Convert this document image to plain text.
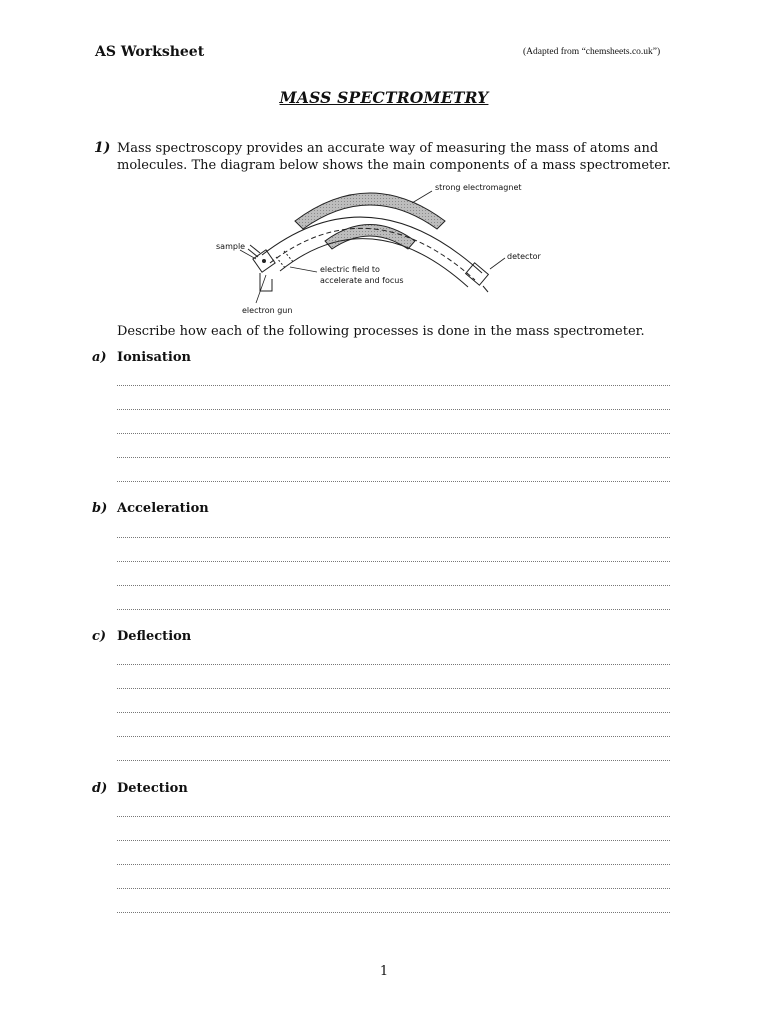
AS Worksheet	(Adapted from “chemsheets.co.uk”)
MASS SPECTROMETRY
1) Mass spectroscopy provides an accurate way of measuring the mass of atoms and molecules. The diagram below shows the main components of a mass spectrometer.
strong electromagnet
sample
detector
electric field to
accelerate and focus
electron gun
Describe how each of the following processes is done in the mass spectrometer.
a) Ionisation
b) Acceleration
c) Deflection
d) Detection
1
